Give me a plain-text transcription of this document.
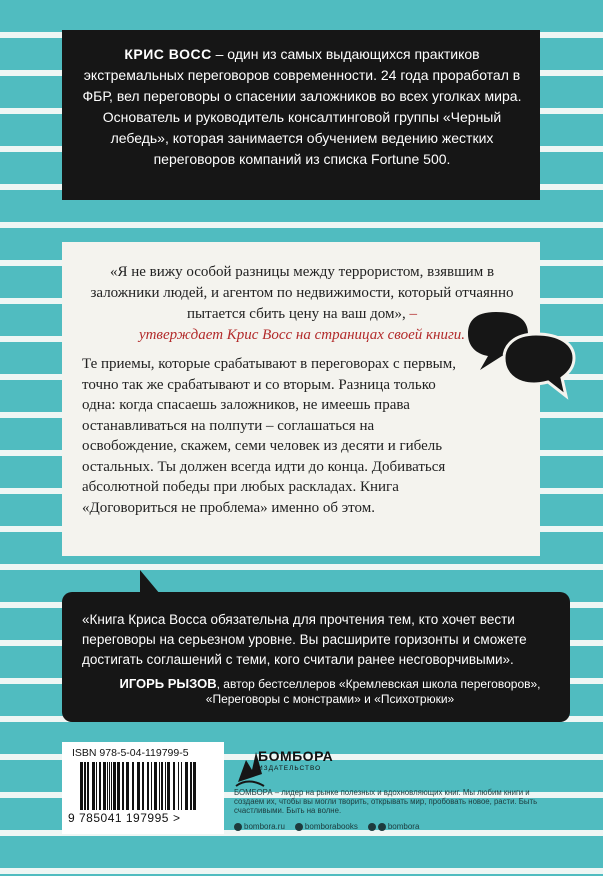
КРИС ВОСС – один из самых выдающихся практиков экстремальных переговоров современности. 24 года проработал в ФБР, вел переговоры о спасении заложников во всех уголках мира. Основатель и руководитель консалтинговой группы «Черный лебедь», которая занимается обучением ведению жестких переговоров компаний из списка Fortune 500.
«Я не вижу особой разницы между террористом, взявшим в заложники людей, и агентом по недвижимости, который отчаянно пытается сбить цену на ваш дом», –
утверждает Крис Восс на страницах своей книги.
Те приемы, которые срабатывают в переговорах с первым, точно так же срабатывают и со вторым. Разница только одна: когда спасаешь заложников, не имеешь права останавливаться на полпути – соглашаться на освобождение, скажем, семи человек из десяти и гибель остальных. Ты должен всегда идти до конца. Добиваться абсолютной победы при любых раскладах. Книга «Договориться не проблема» именно об этом.
«Книга Криса Восса обязательна для прочтения тем, кто хочет вести переговоры на серьезном уровне. Вы расширите горизонты и сможете достигать соглашений с теми, кого считали ранее несговорчивыми».
ИГОРЬ РЫЗОВ, автор бестселлеров «Кремлевская школа переговоров», «Переговоры с монстрами» и «Психотрюки»
ISBN 978-5-04-119799-5
9 785041 197995 >
БОМБОРА
ИЗДАТЕЛЬСТВО
БОМБОРА – лидер на рынке полезных и вдохновляющих книг. Мы любим книги и создаем их, чтобы вы могли творить, открывать мир, пробовать новое, расти. Быть счастливыми. Быть на волне.
bombora.ru	bomborabooks	bombora
